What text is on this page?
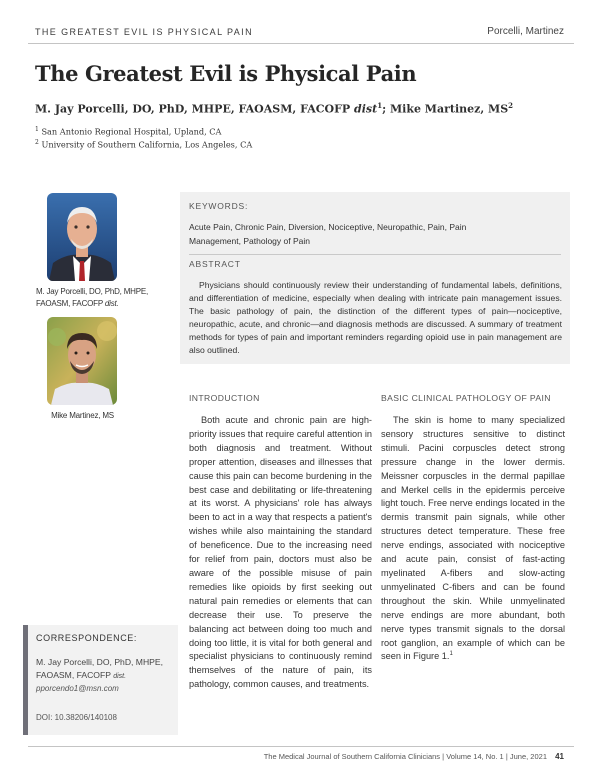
THE GREATEST EVIL IS PHYSICAL PAIN	Porcelli, Martinez
The Greatest Evil is Physical Pain
M. Jay Porcelli, DO, PhD, MHPE, FAOASM, FACOFP dist$^1$; Mike Martinez, $MS^2$
$^1$ San Antonio Regional Hospital, Upland, CA
$^2$ University of Southern California, Los Angeles, CA
M. Jay Porcelli, DO, PhD, MHPE, FAOASM, FACOFP dist.
Mike Martinez, MS
KEYWORDS:
Acute Pain, Chronic Pain, Diversion, Nociceptive, Neuropathic, Pain, Pain Management, Pathology of Pain
ABSTRACT

Physicians should continuously review their understanding of fundamental labels, definitions, and differentiation of medicine, especially when dealing with intricate pain management issues. The basic pathology of pain, the distinction of the different types of pain—nociceptive, neuropathic, acute, and chronic—and diagnosis methods are discussed. A summary of treatment methods for types of pain and important reminders regarding opioid use in pain management are also outlined.

INTRODUCTION

Both acute and chronic pain are high-priority issues that require careful attention in both diagnosis and treatment. Without proper attention, diseases and illnesses that cause this pain can become burdening in the best case and debilitating or life-threatening at its worst. A physicians' role has always been to act in a way that respects a patient's wishes while also maintaining the standard of beneficence. Due to the increasing need for relief from pain, doctors must also be aware of the possible misuse of pain remedies like opioids by first seeking out natural pain remedies or elements that can decrease their use. To preserve the balancing act between doing too much and doing too little, it is vital for both general and specialist physicians to continuously remind themselves of the nature of pain, its pathology, common causes, and treatments.

BASIC CLINICAL PATHOLOGY OF PAIN

The skin is home to many specialized sensory structures sensitive to distinct stimuli. Pacini corpuscles detect strong pressure change in the lower dermis. Meissner corpuscles in the dermal papillae and Merkel cells in the epidermis perceive light touch. Free nerve endings located in the dermis transmit pain signals, while other structures detect temperature. These free nerve endings, associated with nociceptive and acute pain, consist of fast-acting myelinated A-fibers and slow-acting unmyelinated C-fibers and can be found throughout the skin. While unmyelinated nerve endings are more abundant, both nerve types transmit signals to the dorsal root ganglion, an example of which can be seen in Figure 1.$^1$

CORRESPONDENCE:
M. Jay Porcelli, DO, PhD, MHPE, FAOASM, FACOFP dist.
pporcendo1@msn.com
DOI: 10.38206/140108
The Medical Journal of Southern California Clinicians | Volume 14, No. 1 | June, 2021 41
